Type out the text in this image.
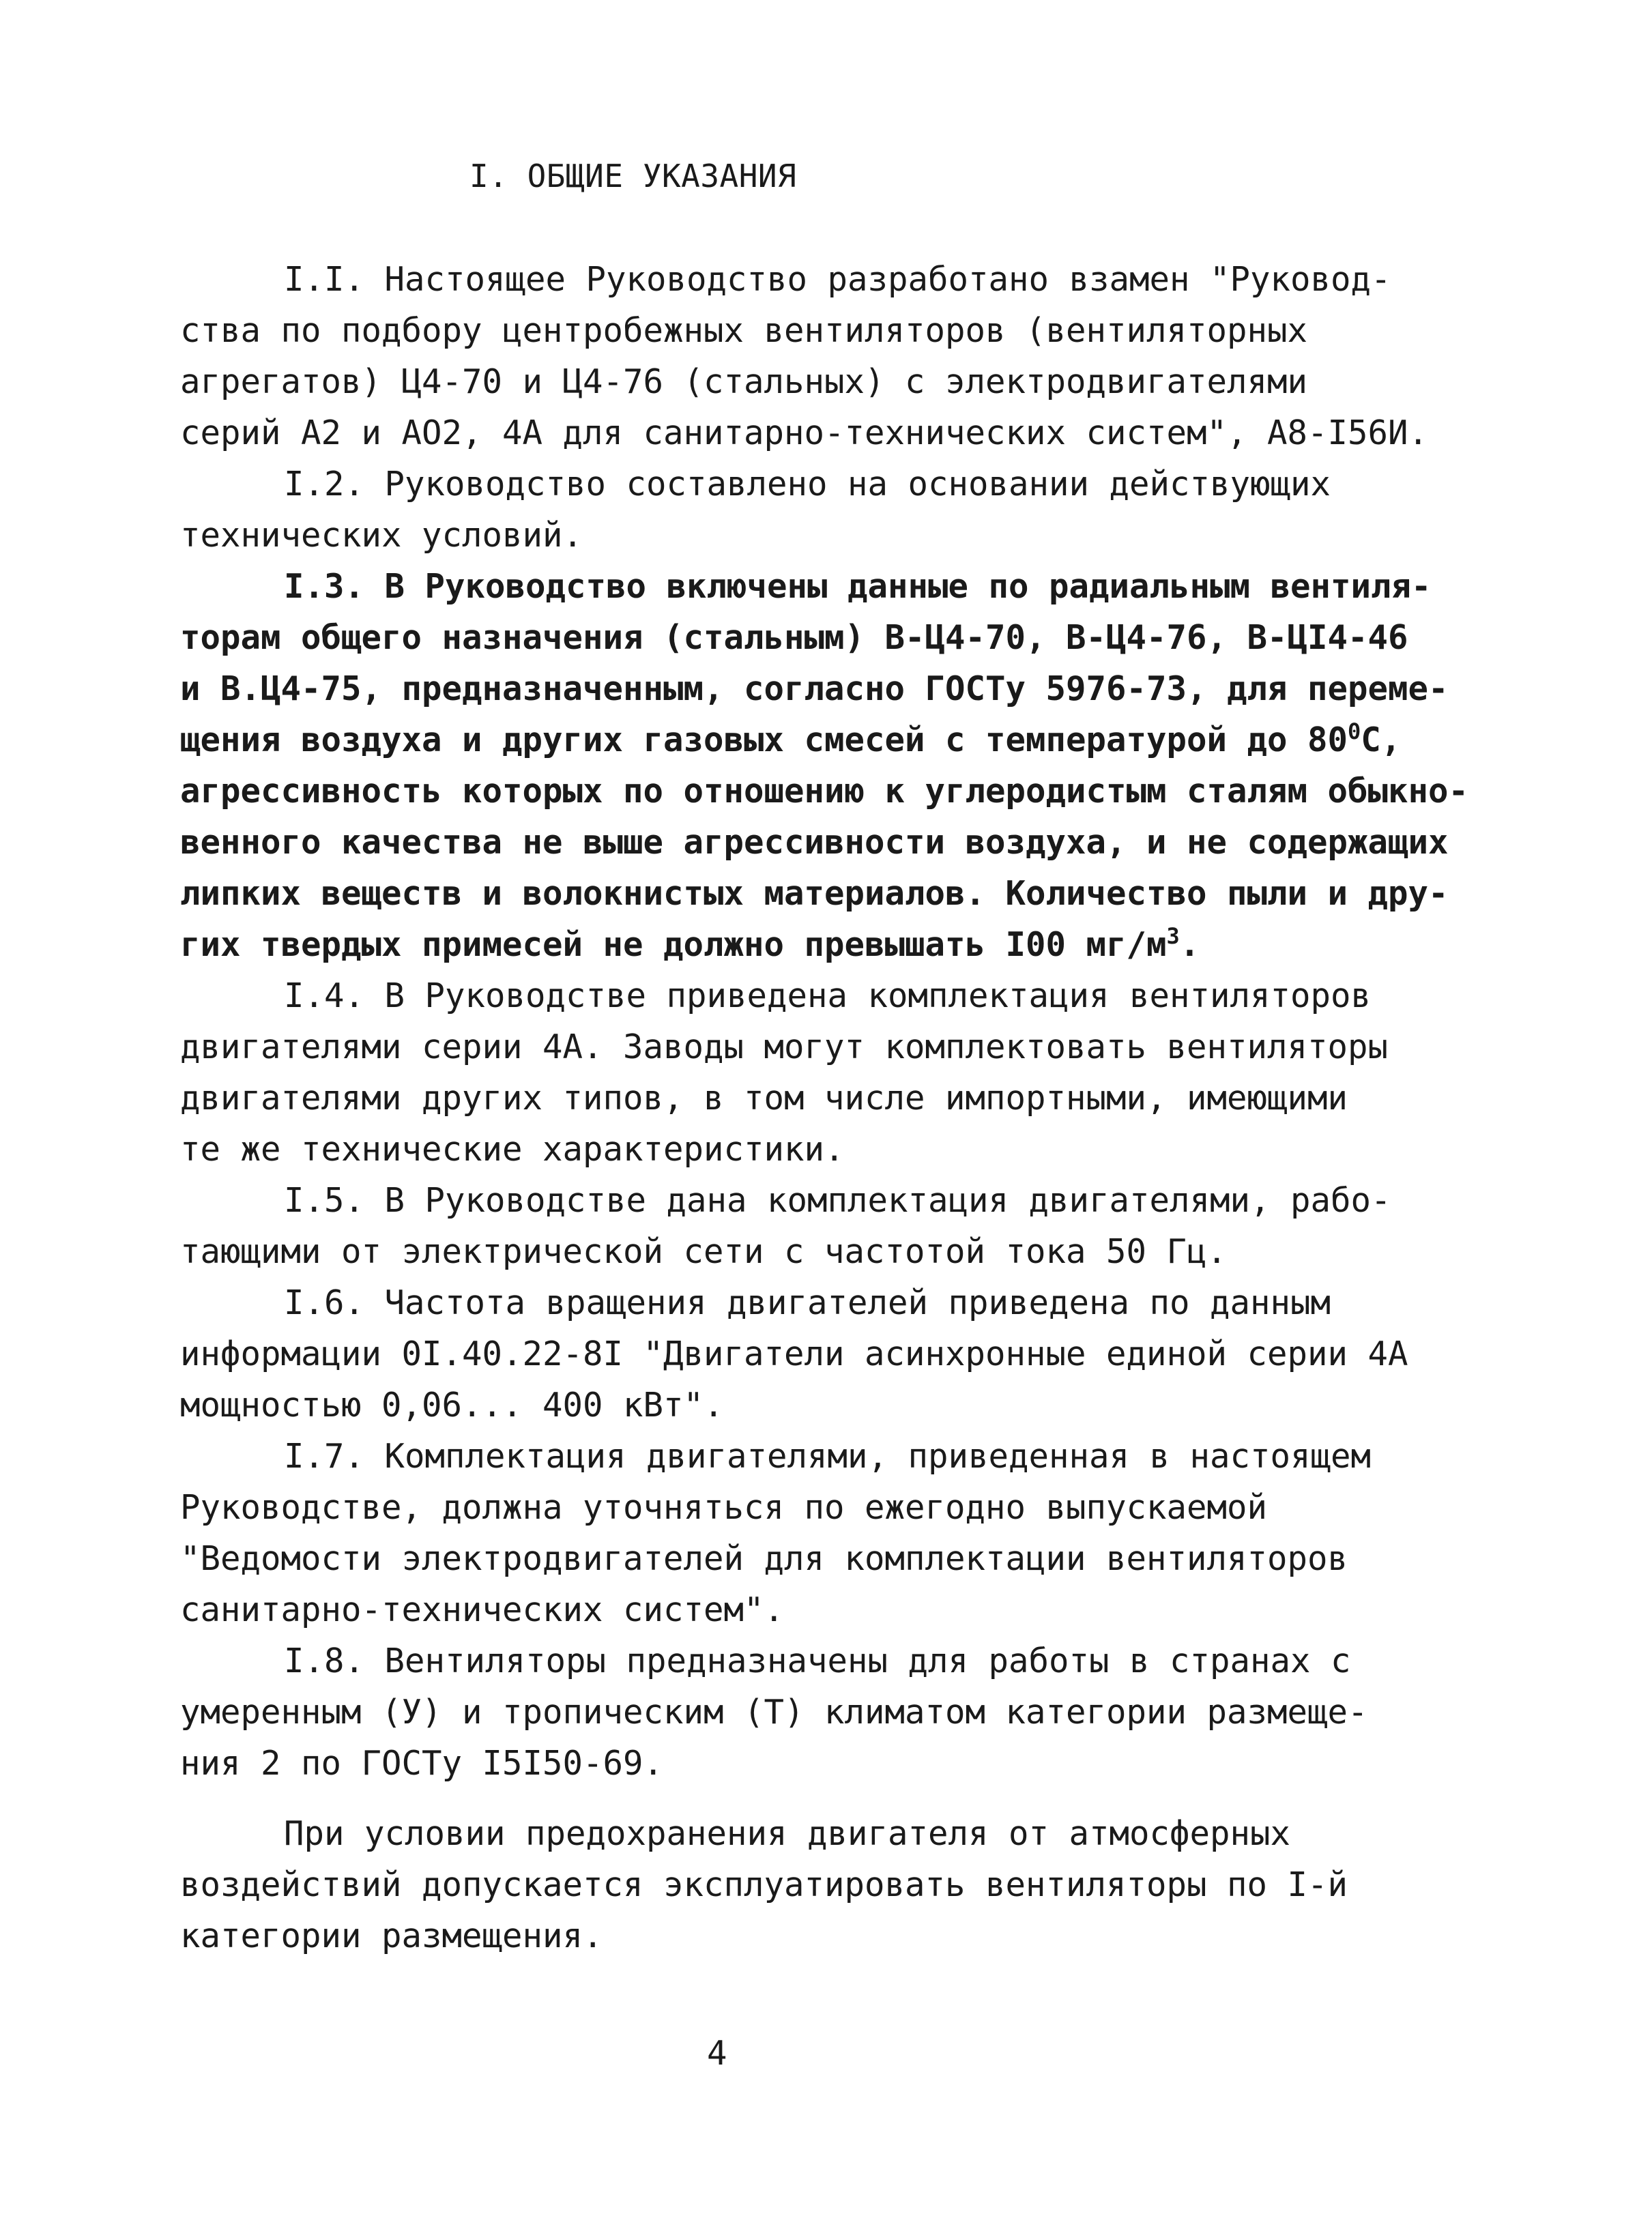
I. ОБЩИЕ УКАЗАНИЯ
I.I. Настоящее Руководство разработано взамен "Руковод-
ства по подбору центробежных вентиляторов (вентиляторных
агрегатов) Ц4-70 и Ц4-76 (стальных) с электродвигателями
серий А2 и АО2, 4А для санитарно-технических систем", А8-I56И.
I.2. Руководство составлено на основании действующих
технических условий.
I.3. В Руководство включены данные по радиальным вентиля-
торам общего назначения (стальным) В-Ц4-70, В-Ц4-76, В-ЦI4-46
и В.Ц4-75, предназначенным, согласно ГОСТу 5976-73, для переме-
щения воздуха и других газовых смесей с температурой до $80^0С$,
агрессивность которых по отношению к углеродистым сталям обыкно-
венного качества не выше агрессивности воздуха, и не содержащих
липких веществ и волокнистых материалов. Количество пыли и дру-
гих твердых примесей не должно превышать I00 $мг/м^3$.
I.4. В Руководстве приведена комплектация вентиляторов
двигателями серии 4А. Заводы могут комплектовать вентиляторы
двигателями других типов, в том числе импортными, имеющими
те же технические характеристики.
I.5. В Руководстве дана комплектация двигателями, рабо-
тающими от электрической сети с частотой тока 50 Гц.
I.6. Частота вращения двигателей приведена по данным
информации 0I.40.22-8I "Двигатели асинхронные единой серии 4А
мощностью 0,06... 400 кВт".
I.7. Комплектация двигателями, приведенная в настоящем
Руководстве, должна уточняться по ежегодно выпускаемой
"Ведомости электродвигателей для комплектации вентиляторов
санитарно-технических систем".
I.8. Вентиляторы предназначены для работы в странах с
умеренным (У) и тропическим (Т) климатом категории размеще-
ния 2 по ГОСТу I5I50-69.
При условии предохранения двигателя от атмосферных
воздействий допускается эксплуатировать вентиляторы по I-й
категории размещения.
4
